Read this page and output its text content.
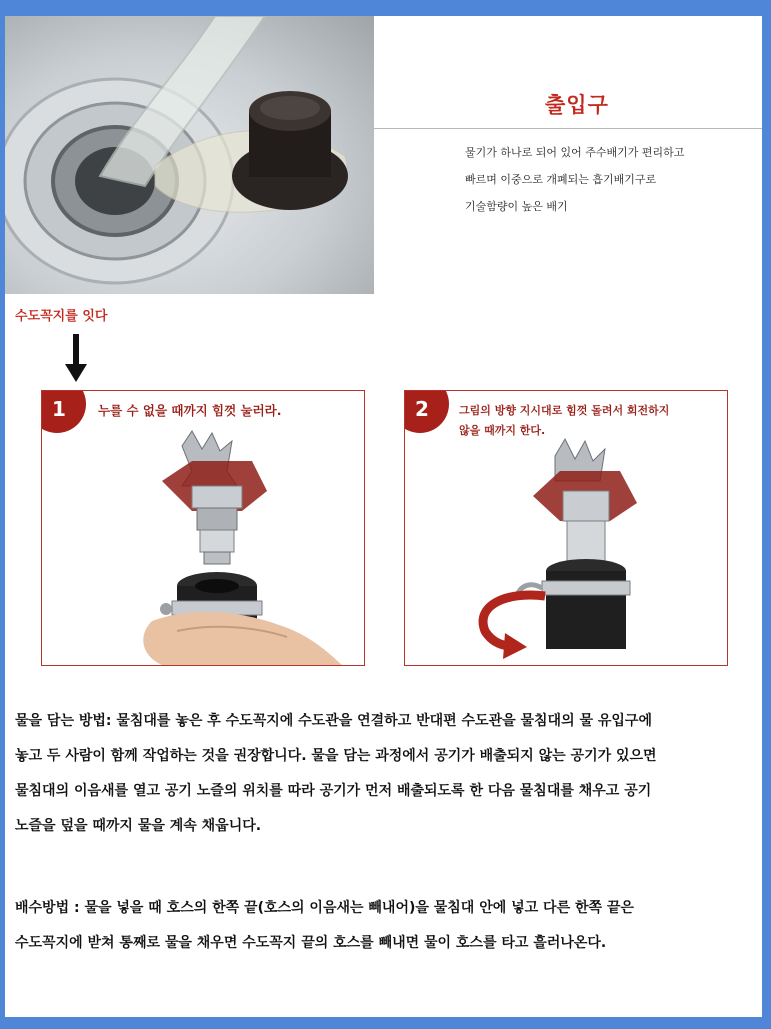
출입구
물기가 하나로 되어 있어 주수배기가 편리하고
빠르며 이중으로 개폐되는 흡기배기구로
기술함량이 높은 배기
수도꼭지를 잇다
1	누를 수 없을 때까지 힘껏 눌러라.	2	그림의 방향 지시대로 힘껏 돌려서 회전하지
않을 때까지 한다.
물을 담는 방법: 물침대를 놓은 후 수도꼭지에 수도관을 연결하고 반대편 수도관을 물침대의 물 유입구에
놓고 두 사람이 함께 작업하는 것을 권장합니다. 물을 담는 과정에서 공기가 배출되지 않는 공기가 있으면
물침대의 이음새를 열고 공기 노즐의 위치를 따라 공기가 먼저 배출되도록 한 다음 물침대를 채우고 공기
노즐을 덮을 때까지 물을 계속 채웁니다.
배수방법 : 물을 넣을 때 호스의 한쪽 끝(호스의 이음새는 빼내어)을 물침대 안에 넣고 다른 한쪽 끝은
수도꼭지에 받쳐 통째로 물을 채우면 수도꼭지 끝의 호스를 빼내면 물이 호스를 타고 흘러나온다.
